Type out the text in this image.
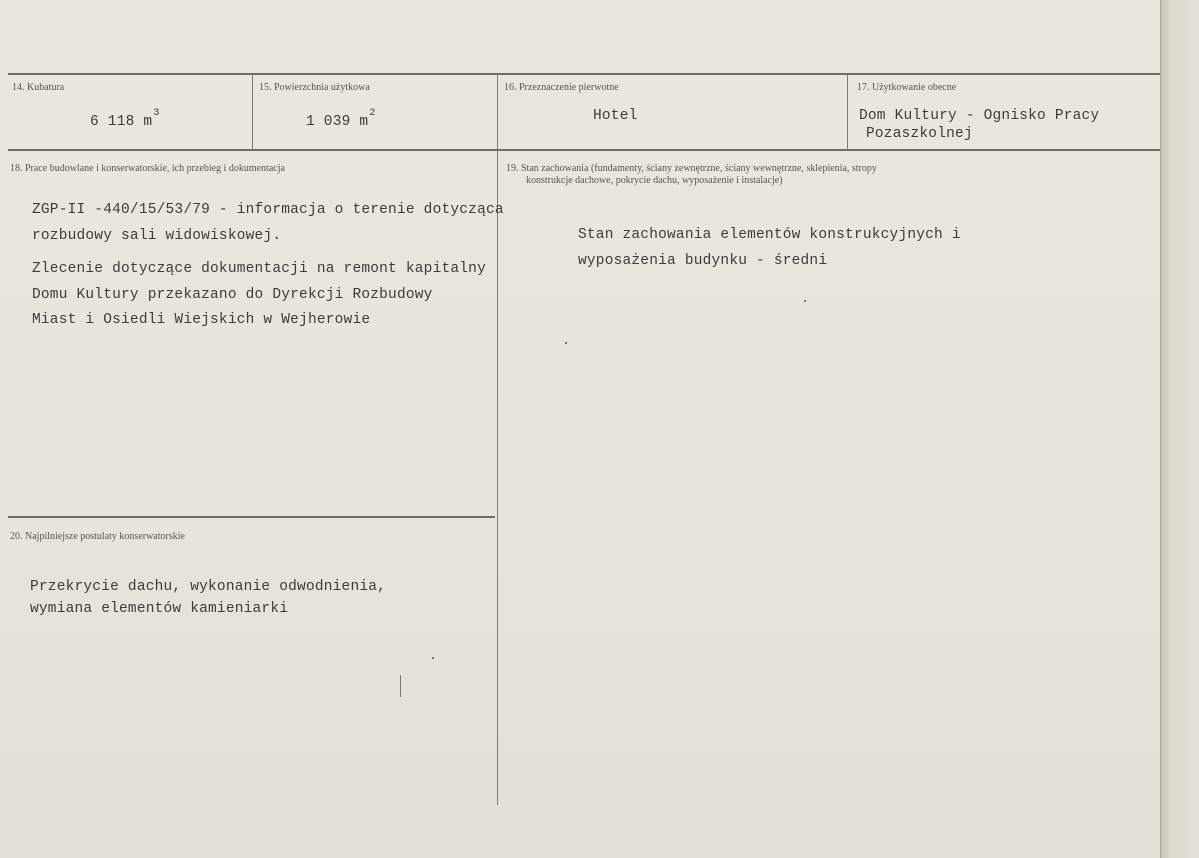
14. Kubatura
6 118 $m^3$
15. Powierzchnia użytkowa
1 039 $m^2$
16. Przeznaczenie pierwotne
Hotel
17. Użytkowanie obecne
Dom Kultury - Ognisko Pracy
Pozaszkolnej
18. Prace budowlane i konserwatorskie, ich przebieg i dokumentacja
ZGP-II -440/15/53/79 - informacja o terenie dotycząca
rozbudowy sali widowiskowej.
Zlecenie dotyczące dokumentacji na remont kapitalny
Domu Kultury przekazano do Dyrekcji Rozbudowy
Miast i Osiedli Wiejskich w Wejherowie
19. Stan zachowania (fundamenty, ściany zewnętrzne, ściany wewnętrzne, sklepienia, stropy
konstrukcje dachowe, pokrycie dachu, wyposażenie i instalacje)
Stan zachowania elementów konstrukcyjnych i
wyposażenia budynku - średni
20. Najpilniejsze postulaty konserwatorskie
Przekrycie dachu, wykonanie odwodnienia,
wymiana elementów kamieniarki
